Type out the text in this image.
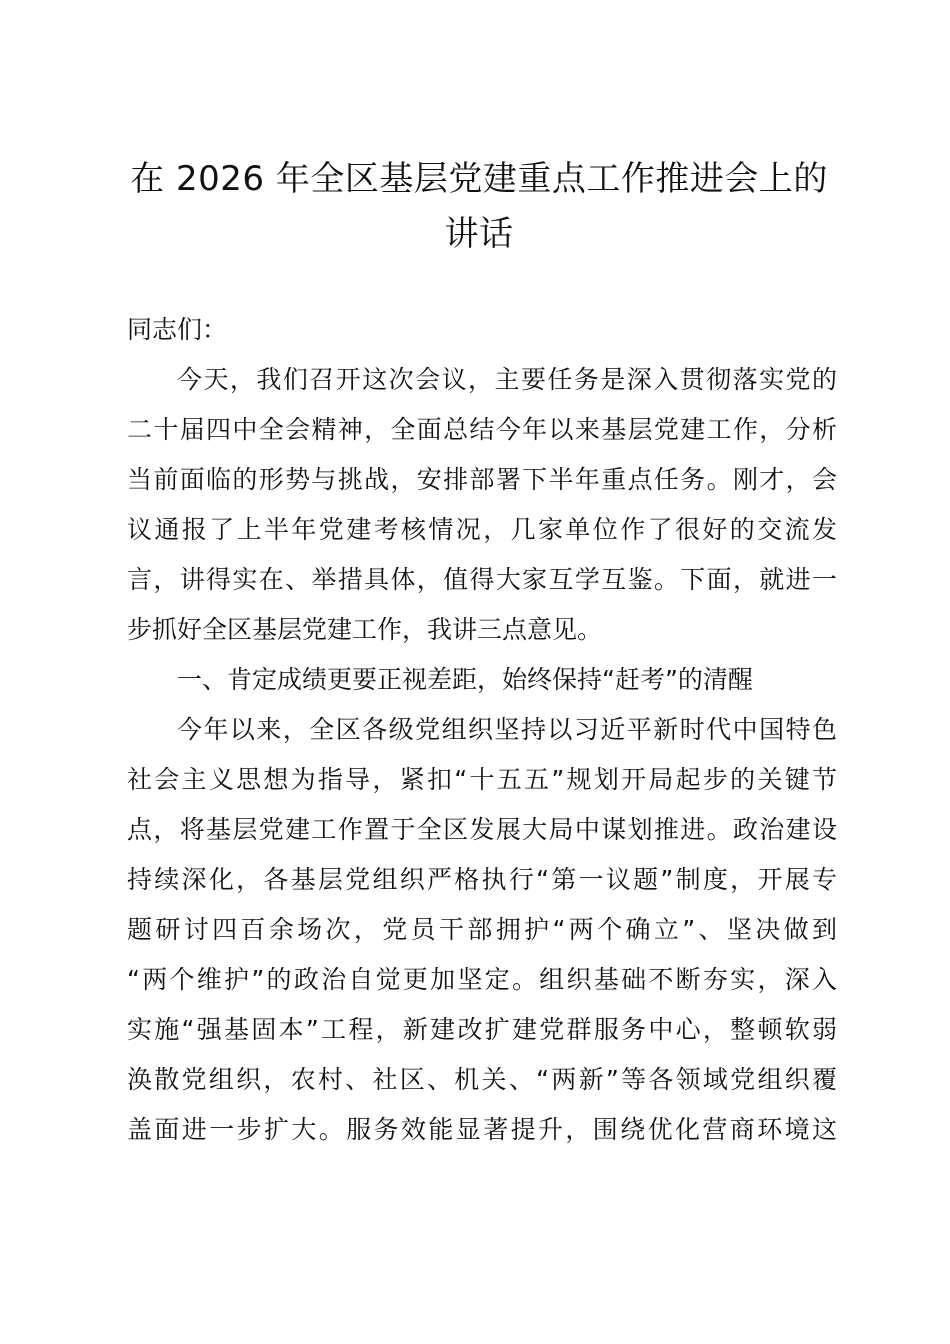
在 2026 年全区基层党建重点工作推进会上的
讲话
同志们：
今天，我们召开这次会议，主要任务是深入贯彻落实党的
二十届四中全会精神，全面总结今年以来基层党建工作，分析
当前面临的形势与挑战，安排部署下半年重点任务。刚才，会
议通报了上半年党建考核情况，几家单位作了很好的交流发
言，讲得实在、举措具体，值得大家互学互鉴。下面，就进一
步抓好全区基层党建工作，我讲三点意见。
一、肯定成绩更要正视差距，始终保持“赶考”的清醒
今年以来，全区各级党组织坚持以习近平新时代中国特色
社会主义思想为指导，紧扣“十五五”规划开局起步的关键节
点，将基层党建工作置于全区发展大局中谋划推进。政治建设
持续深化，各基层党组织严格执行“第一议题”制度，开展专
题研讨四百余场次，党员干部拥护“两个确立”、坚决做到
“两个维护”的政治自觉更加坚定。组织基础不断夯实，深入
实施“强基固本”工程，新建改扩建党群服务中心，整顿软弱
涣散党组织，农村、社区、机关、“两新”等各领域党组织覆
盖面进一步扩大。服务效能显著提升，围绕优化营商环境这
